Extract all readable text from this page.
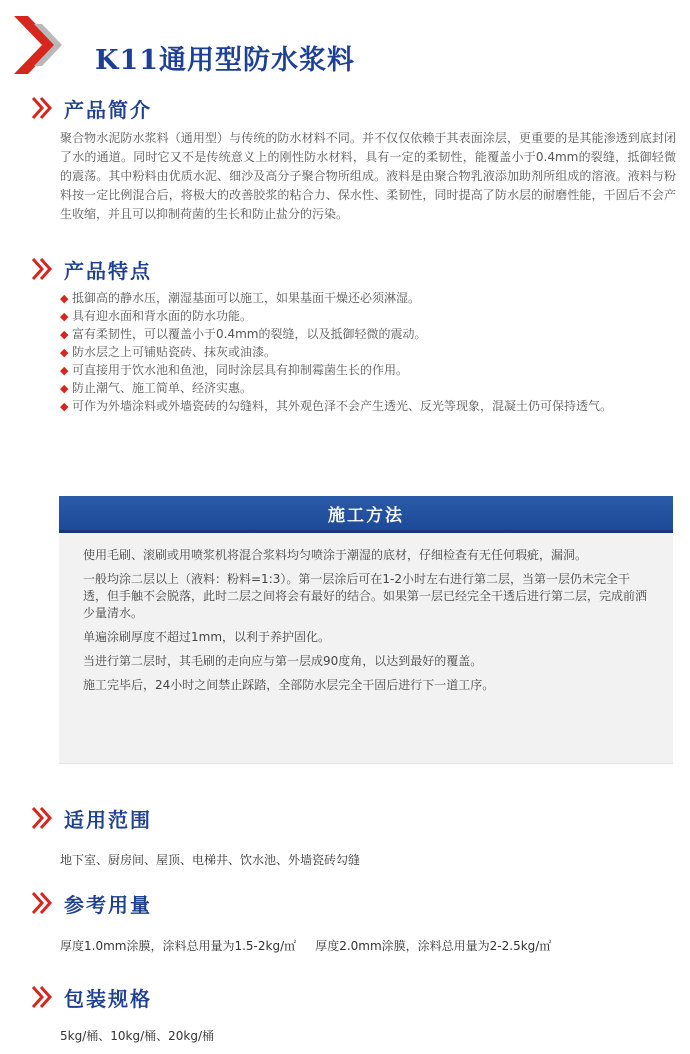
K11通用型防水浆料
产品简介

聚合物水泥防水浆料（通用型）与传统的防水材料不同。并不仅仅依赖于其表面涂层，更重要的是其能渗透到底封闭了水的通道。同时它又不是传统意义上的刚性防水材料，具有一定的柔韧性，能覆盖小于0.4mm的裂缝，抵御轻微的震荡。其中粉料由优质水泥、细沙及高分子聚合物所组成。液料是由聚合物乳液添加助剂所组成的溶液。液料与粉料按一定比例混合后，将极大的改善胶浆的粘合力、保水性、柔韧性，同时提高了防水层的耐磨性能，干固后不会产生收缩，并且可以抑制荷菌的生长和防止盐分的污染。

产品特点
◆ 抵御高的静水压，潮湿基面可以施工，如果基面干燥还必须淋湿。
◆ 具有迎水面和背水面的防水功能。
◆ 富有柔韧性，可以覆盖小于0.4mm的裂缝，以及抵御轻微的震动。
◆ 防水层之上可铺贴瓷砖、抹灰或油漆。
◆ 可直接用于饮水池和鱼池，同时涂层具有抑制霉菌生长的作用。
◆ 防止潮气、施工简单、经济实惠。
◆ 可作为外墙涂料或外墙瓷砖的勾缝料，其外观色泽不会产生透光、反光等现象，混凝土仍可保持透气。
施工方法

使用毛刷、滚刷或用喷浆机将混合浆料均匀喷涂于潮湿的底材，仔细检查有无任何瑕疵，漏洞。

一般均涂二层以上（液料：粉料=1:3）。第一层涂后可在1-2小时左右进行第二层，当第一层仍未完全干透，但手触不会脱落，此时二层之间将会有最好的结合。如果第一层已经完全干透后进行第二层，完成前洒少量清水。

单遍涂刷厚度不超过1mm，以利于养护固化。

当进行第二层时，其毛刷的走向应与第一层成90度角，以达到最好的覆盖。

施工完毕后，24小时之间禁止踩踏，全部防水层完全干固后进行下一道工序。

适用范围

地下室、厨房间、屋顶、电梯井、饮水池、外墙瓷砖勾缝

参考用量

厚度1.0mm涂膜，涂料总用量为1.5-2kg/㎡     厚度2.0mm涂膜，涂料总用量为2-2.5kg/㎡

包装规格

5kg/桶、10kg/桶、20kg/桶
